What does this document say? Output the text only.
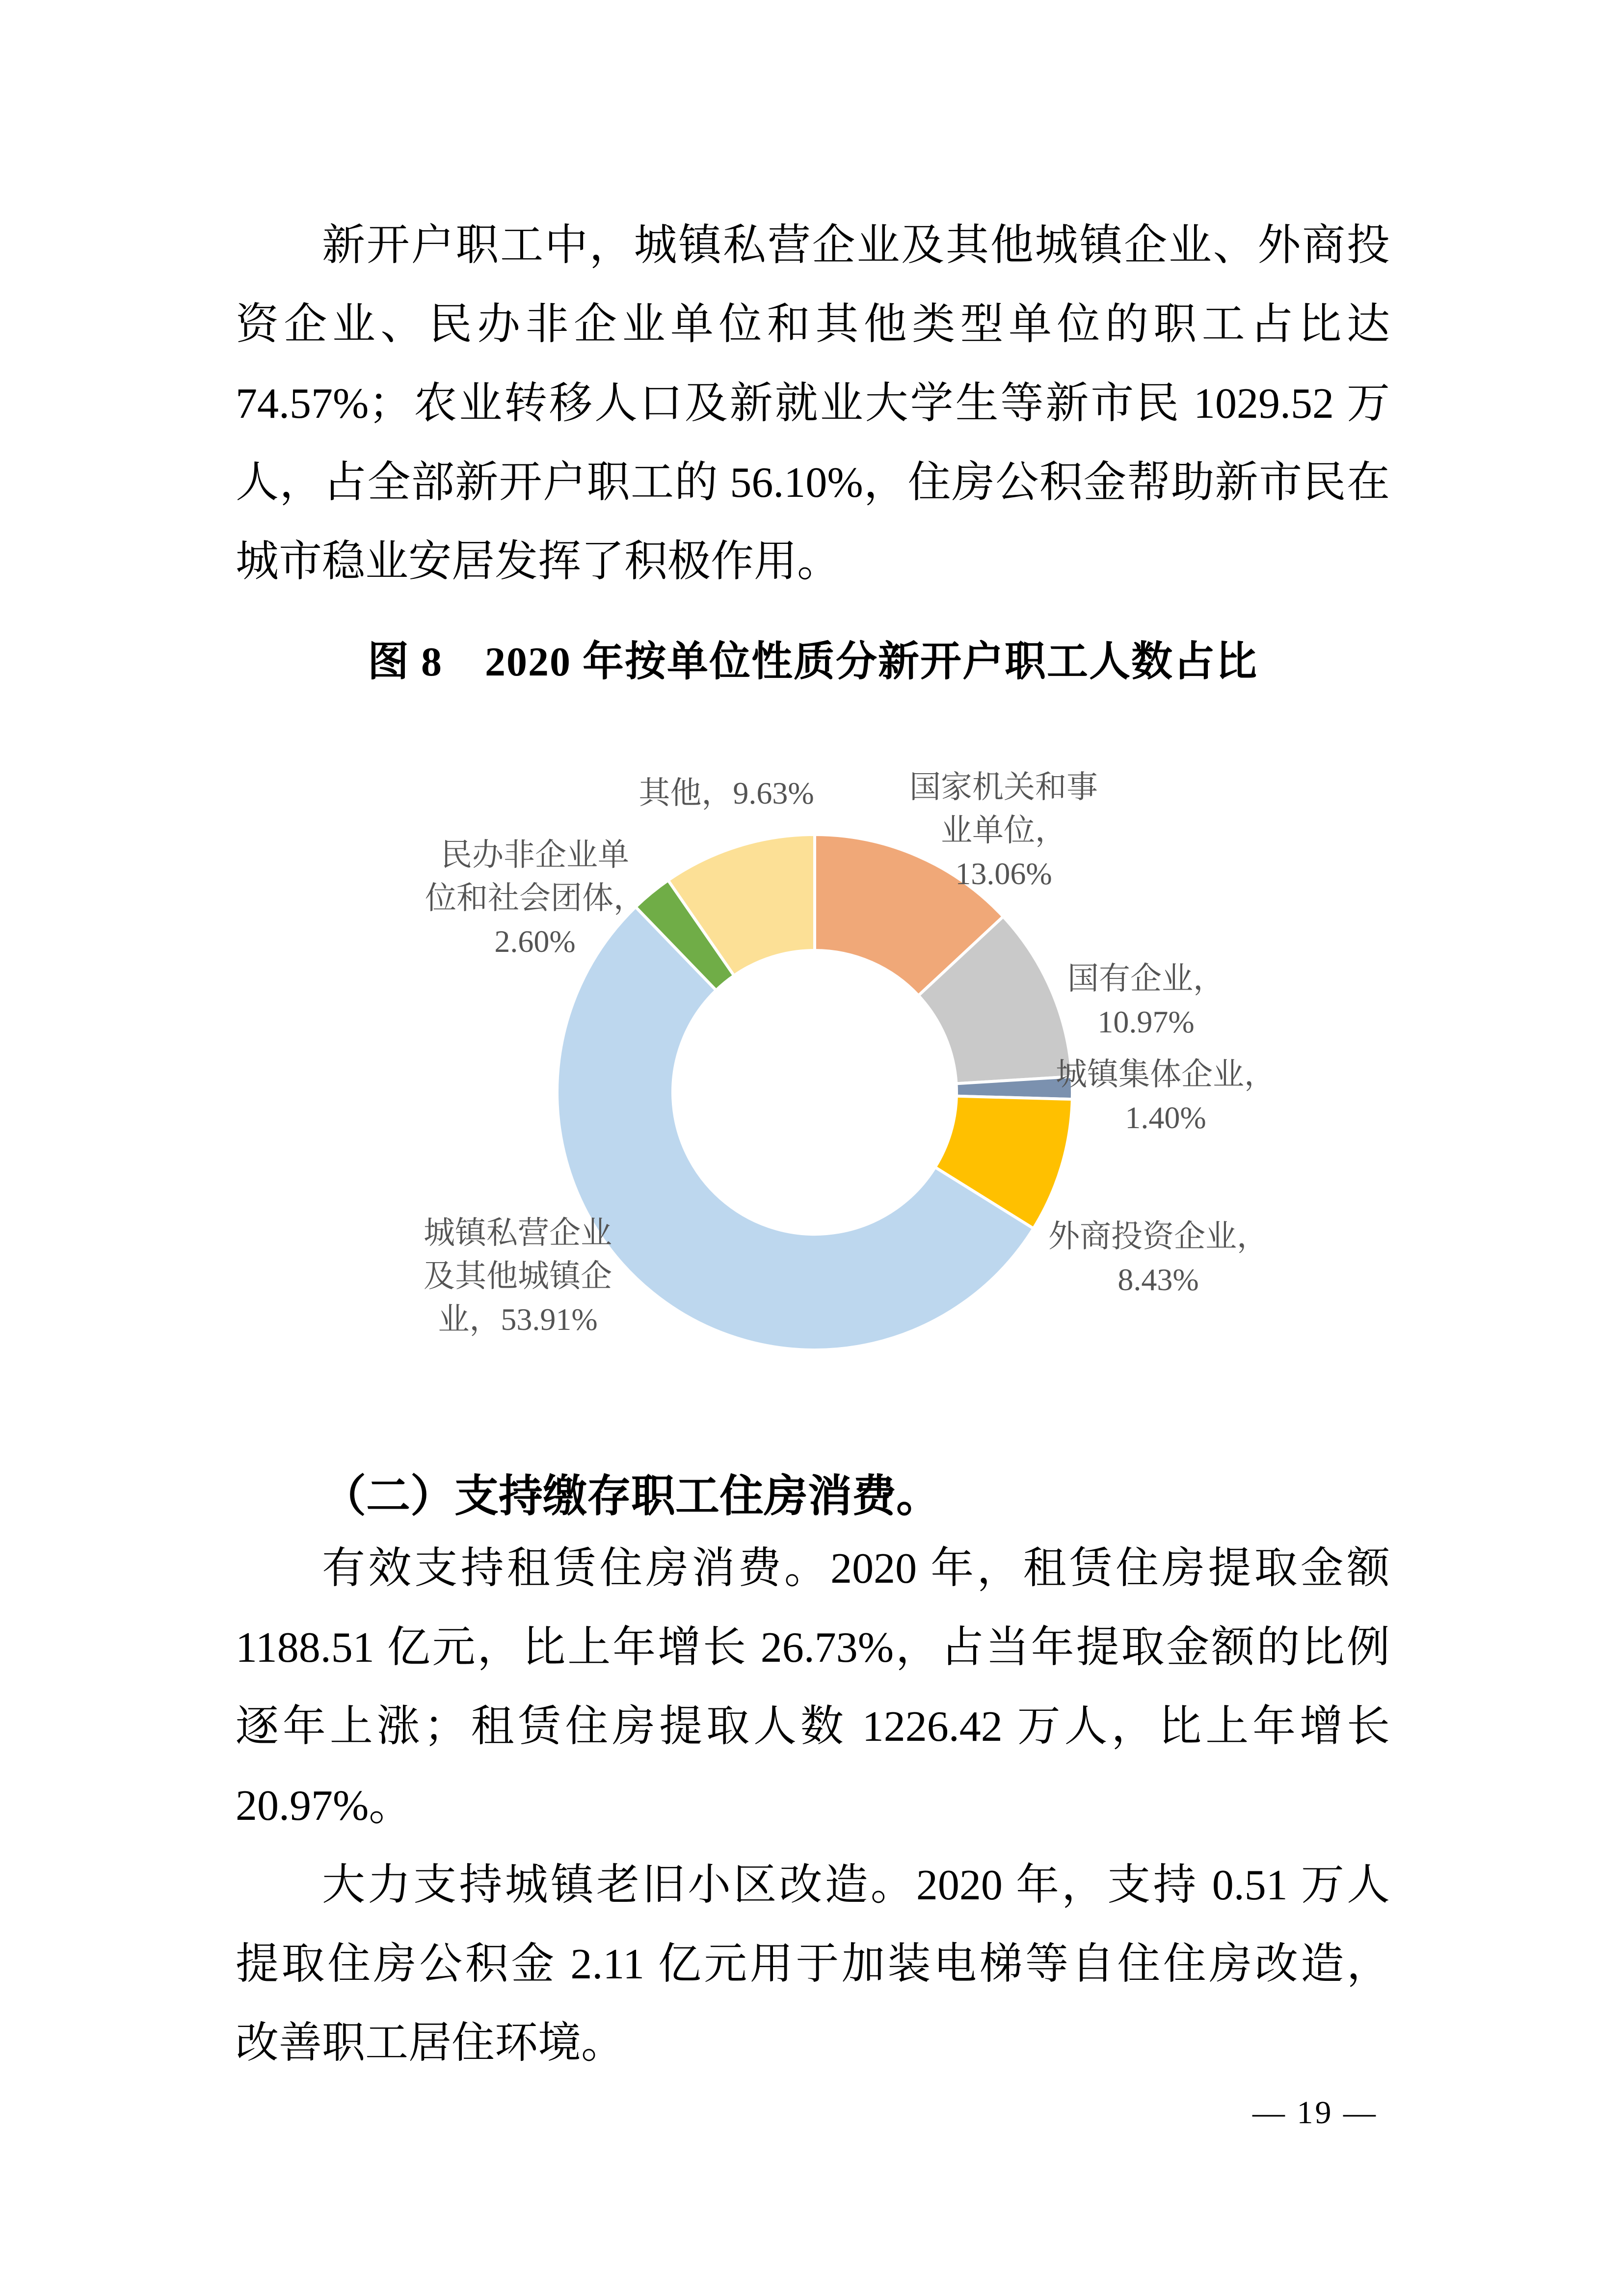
新开户职工中，城镇私营企业及其他城镇企业、外商投
资企业、民办非企业单位和其他类型单位的职工占比达
74.57%；农业转移人口及新就业大学生等新市民 1029.52 万
人，占全部新开户职工的 56.10%，住房公积金帮助新市民在
城市稳业安居发挥了积极作用。
图 8　2020 年按单位性质分新开户职工人数占比
国家机关和事
业单位，
13.06%
国有企业，
10.97%
城镇集体企业，
1.40%
外商投资企业，
8.43%
城镇私营企业
及其他城镇企
业，53.91%
民办非企业单
位和社会团体，
2.60%
其他，9.63%
（二）支持缴存职工住房消费。
有效支持租赁住房消费。2020 年，租赁住房提取金额
1188.51 亿元，比上年增长 26.73%，占当年提取金额的比例
逐年上涨；租赁住房提取人数 1226.42 万人，比上年增长
20.97%。
大力支持城镇老旧小区改造。2020 年，支持 0.51 万人
提取住房公积金 2.11 亿元用于加装电梯等自住住房改造，
改善职工居住环境。
— 19 —
